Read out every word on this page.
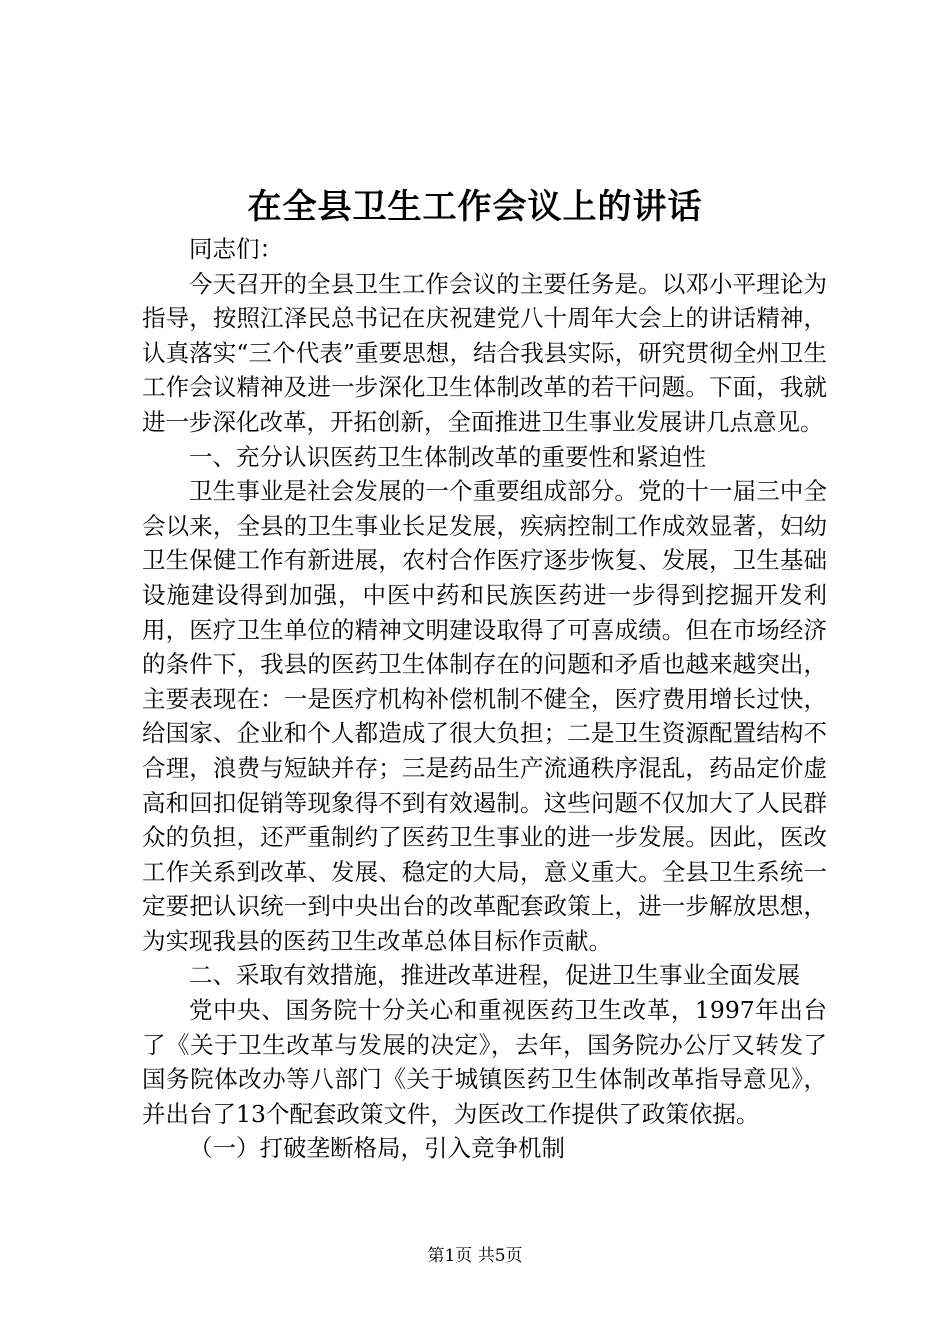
在全县卫生工作会议上的讲话

同志们：

今天召开的全县卫生工作会议的主要任务是。以邓小平理论为指导，按照江泽民总书记在庆祝建党八十周年大会上的讲话精神，认真落实“三个代表”重要思想，结合我县实际，研究贯彻全州卫生工作会议精神及进一步深化卫生体制改革的若干问题。下面，我就进一步深化改革，开拓创新，全面推进卫生事业发展讲几点意见。

一、充分认识医药卫生体制改革的重要性和紧迫性

卫生事业是社会发展的一个重要组成部分。党的十一届三中全会以来，全县的卫生事业长足发展，疾病控制工作成效显著，妇幼卫生保健工作有新进展，农村合作医疗逐步恢复、发展，卫生基础设施建设得到加强，中医中药和民族医药进一步得到挖掘开发利用，医疗卫生单位的精神文明建设取得了可喜成绩。但在市场经济的条件下，我县的医药卫生体制存在的问题和矛盾也越来越突出，主要表现在：一是医疗机构补偿机制不健全，医疗费用增长过快，给国家、企业和个人都造成了很大负担；二是卫生资源配置结构不合理，浪费与短缺并存；三是药品生产流通秩序混乱，药品定价虚高和回扣促销等现象得不到有效遏制。这些问题不仅加大了人民群众的负担，还严重制约了医药卫生事业的进一步发展。因此，医改工作关系到改革、发展、稳定的大局，意义重大。全县卫生系统一定要把认识统一到中央出台的改革配套政策上，进一步解放思想，为实现我县的医药卫生改革总体目标作贡献。

二、采取有效措施，推进改革进程，促进卫生事业全面发展

党中央、国务院十分关心和重视医药卫生改革，1997年出台了《关于卫生改革与发展的决定》，去年，国务院办公厅又转发了国务院体改办等八部门《关于城镇医药卫生体制改革指导意见》，并出台了13个配套政策文件，为医改工作提供了政策依据。

（一）打破垄断格局，引入竞争机制

第1页 共5页
